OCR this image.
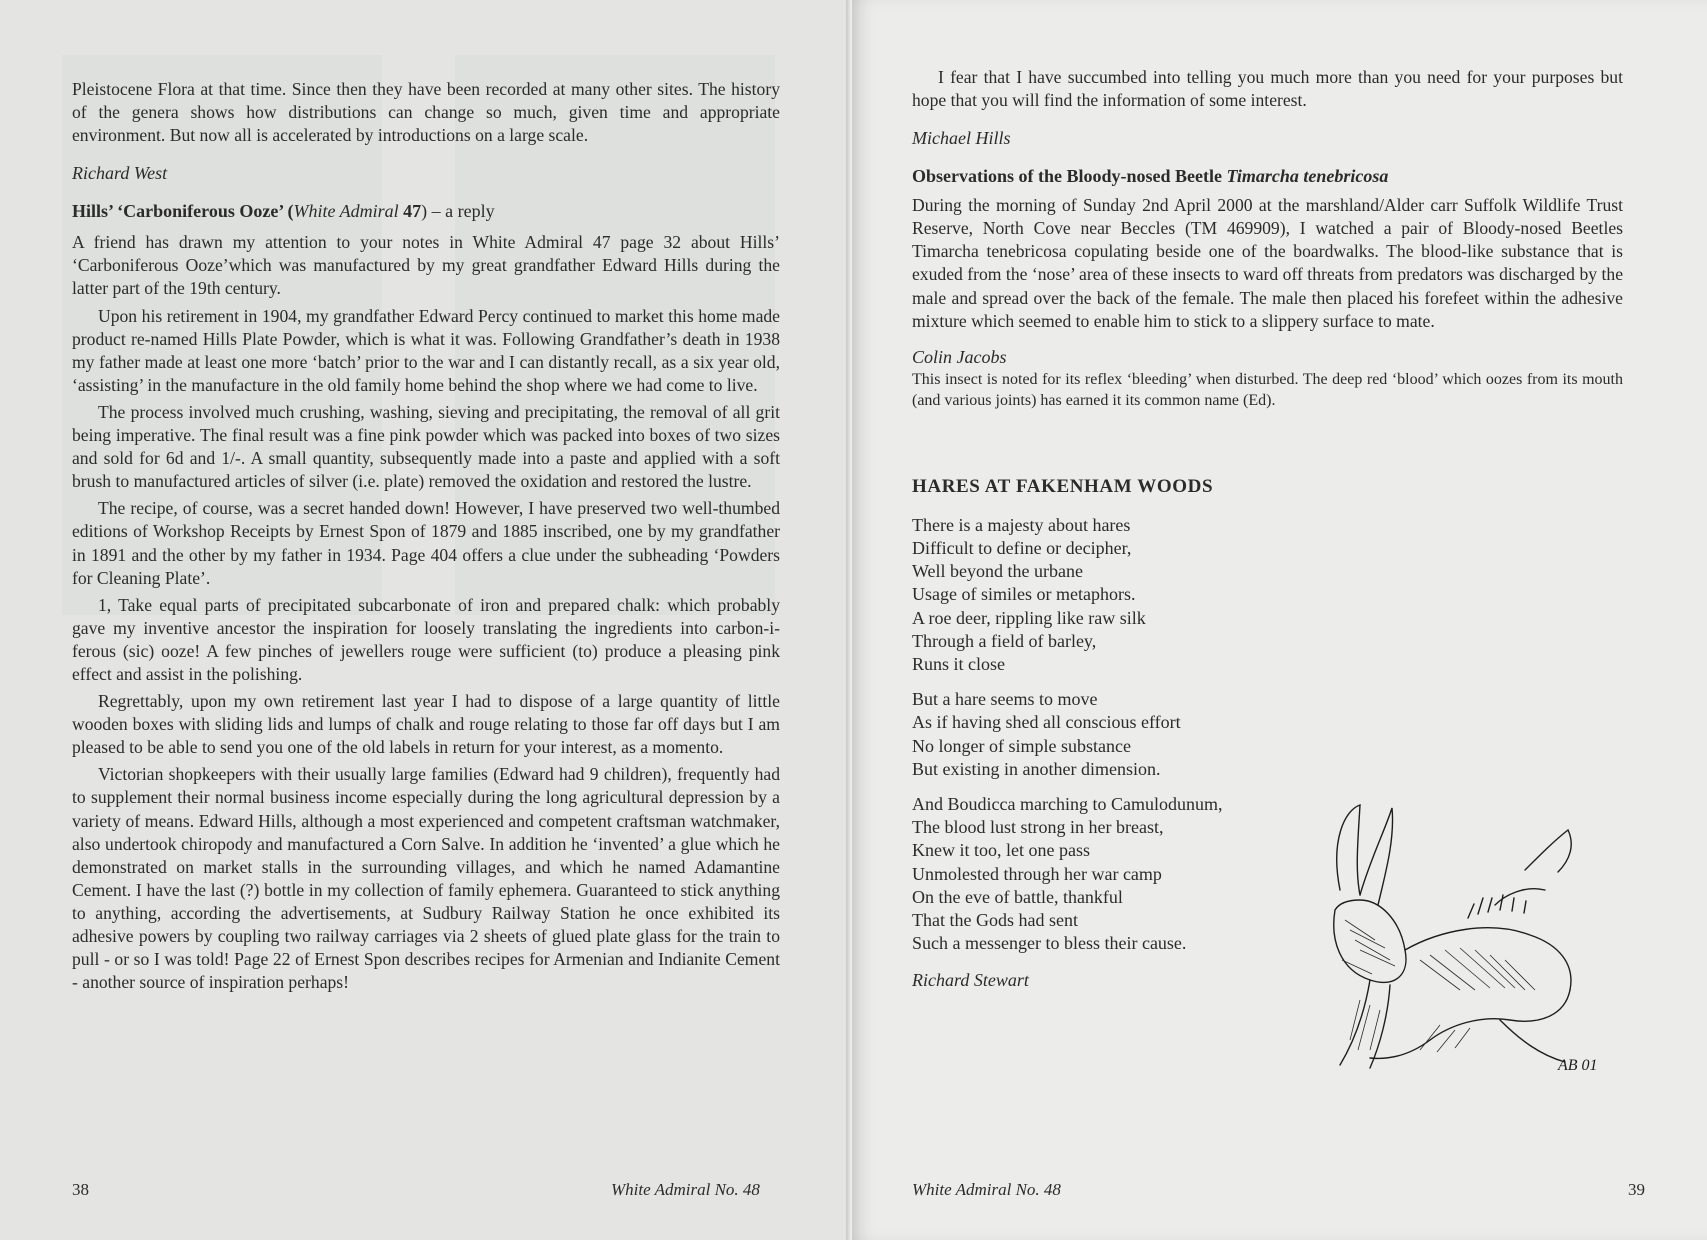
Pleistocene Flora at that time. Since then they have been recorded at many other sites. The history of the genera shows how distributions can change so much, given time and appropriate environment. But now all is accelerated by introductions on a large scale.

Richard West

Hills’ ‘Carboniferous Ooze’ (White Admiral 47) – a reply

A friend has drawn my attention to your notes in White Admiral 47 page 32 about Hills’ ‘Carboniferous Ooze’which was manufactured by my great grandfather Edward Hills during the latter part of the 19th century.

Upon his retirement in 1904, my grandfather Edward Percy continued to market this home made product re-named Hills Plate Powder, which is what it was. Following Grandfather’s death in 1938 my father made at least one more ‘batch’ prior to the war and I can distantly recall, as a six year old, ‘assisting’ in the manufacture in the old family home behind the shop where we had come to live.

The process involved much crushing, washing, sieving and precipitating, the removal of all grit being imperative. The final result was a fine pink powder which was packed into boxes of two sizes and sold for 6d and 1/-. A small quantity, subsequently made into a paste and applied with a soft brush to manufactured articles of silver (i.e. plate) removed the oxidation and restored the lustre.

The recipe, of course, was a secret handed down! However, I have preserved two well-thumbed editions of Workshop Receipts by Ernest Spon of 1879 and 1885 inscribed, one by my grandfather in 1891 and the other by my father in 1934. Page 404 offers a clue under the subheading ‘Powders for Cleaning Plate’.

1, Take equal parts of precipitated subcarbonate of iron and prepared chalk: which probably gave my inventive ancestor the inspiration for loosely translating the ingredients into carbon-i-ferous (sic) ooze! A few pinches of jewellers rouge were sufficient (to) produce a pleasing pink effect and assist in the polishing.

Regrettably, upon my own retirement last year I had to dispose of a large quantity of little wooden boxes with sliding lids and lumps of chalk and rouge relating to those far off days but I am pleased to be able to send you one of the old labels in return for your interest, as a momento.

Victorian shopkeepers with their usually large families (Edward had 9 children), frequently had to supplement their normal business income especially during the long agricultural depression by a variety of means. Edward Hills, although a most experienced and competent craftsman watchmaker, also undertook chiropody and manufactured a Corn Salve. In addition he ‘invented’ a glue which he demonstrated on market stalls in the surrounding villages, and which he named Adamantine Cement. I have the last (?) bottle in my collection of family ephemera. Guaranteed to stick anything to anything, according the advertisements, at Sudbury Railway Station he once exhibited its adhesive powers by coupling two railway carriages via 2 sheets of glued plate glass for the train to pull - or so I was told! Page 22 of Ernest Spon describes recipes for Armenian and Indianite Cement - another source of inspiration perhaps!

38	White Admiral No. 48

I fear that I have succumbed into telling you much more than you need for your purposes but hope that you will find the information of some interest.

Michael Hills

Observations of the Bloody-nosed Beetle Timarcha tenebricosa

During the morning of Sunday 2nd April 2000 at the marshland/Alder carr Suffolk Wildlife Trust Reserve, North Cove near Beccles (TM 469909), I watched a pair of Bloody-nosed Beetles Timarcha tenebricosa copulating beside one of the boardwalks. The blood-like substance that is exuded from the ‘nose’ area of these insects to ward off threats from predators was discharged by the male and spread over the back of the female. The male then placed his forefeet within the adhesive mixture which seemed to enable him to stick to a slippery surface to mate.

Colin Jacobs

This insect is noted for its reflex ‘bleeding’ when disturbed. The deep red ‘blood’ which oozes from its mouth (and various joints) has earned it its common name (Ed).

HARES AT FAKENHAM WOODS

There is a majesty about hares

Difficult to define or decipher,

Well beyond the urbane

Usage of similes or metaphors.

A roe deer, rippling like raw silk

Through a field of barley,

Runs it close

But a hare seems to move

As if having shed all conscious effort

No longer of simple substance

But existing in another dimension.

And Boudicca marching to Camulodunum,

The blood lust strong in her breast,

Knew it too, let one pass

Unmolested through her war camp

On the eve of battle, thankful

That the Gods had sent

Such a messenger to bless their cause.

Richard Stewart

AB 01
White Admiral No. 48	39
